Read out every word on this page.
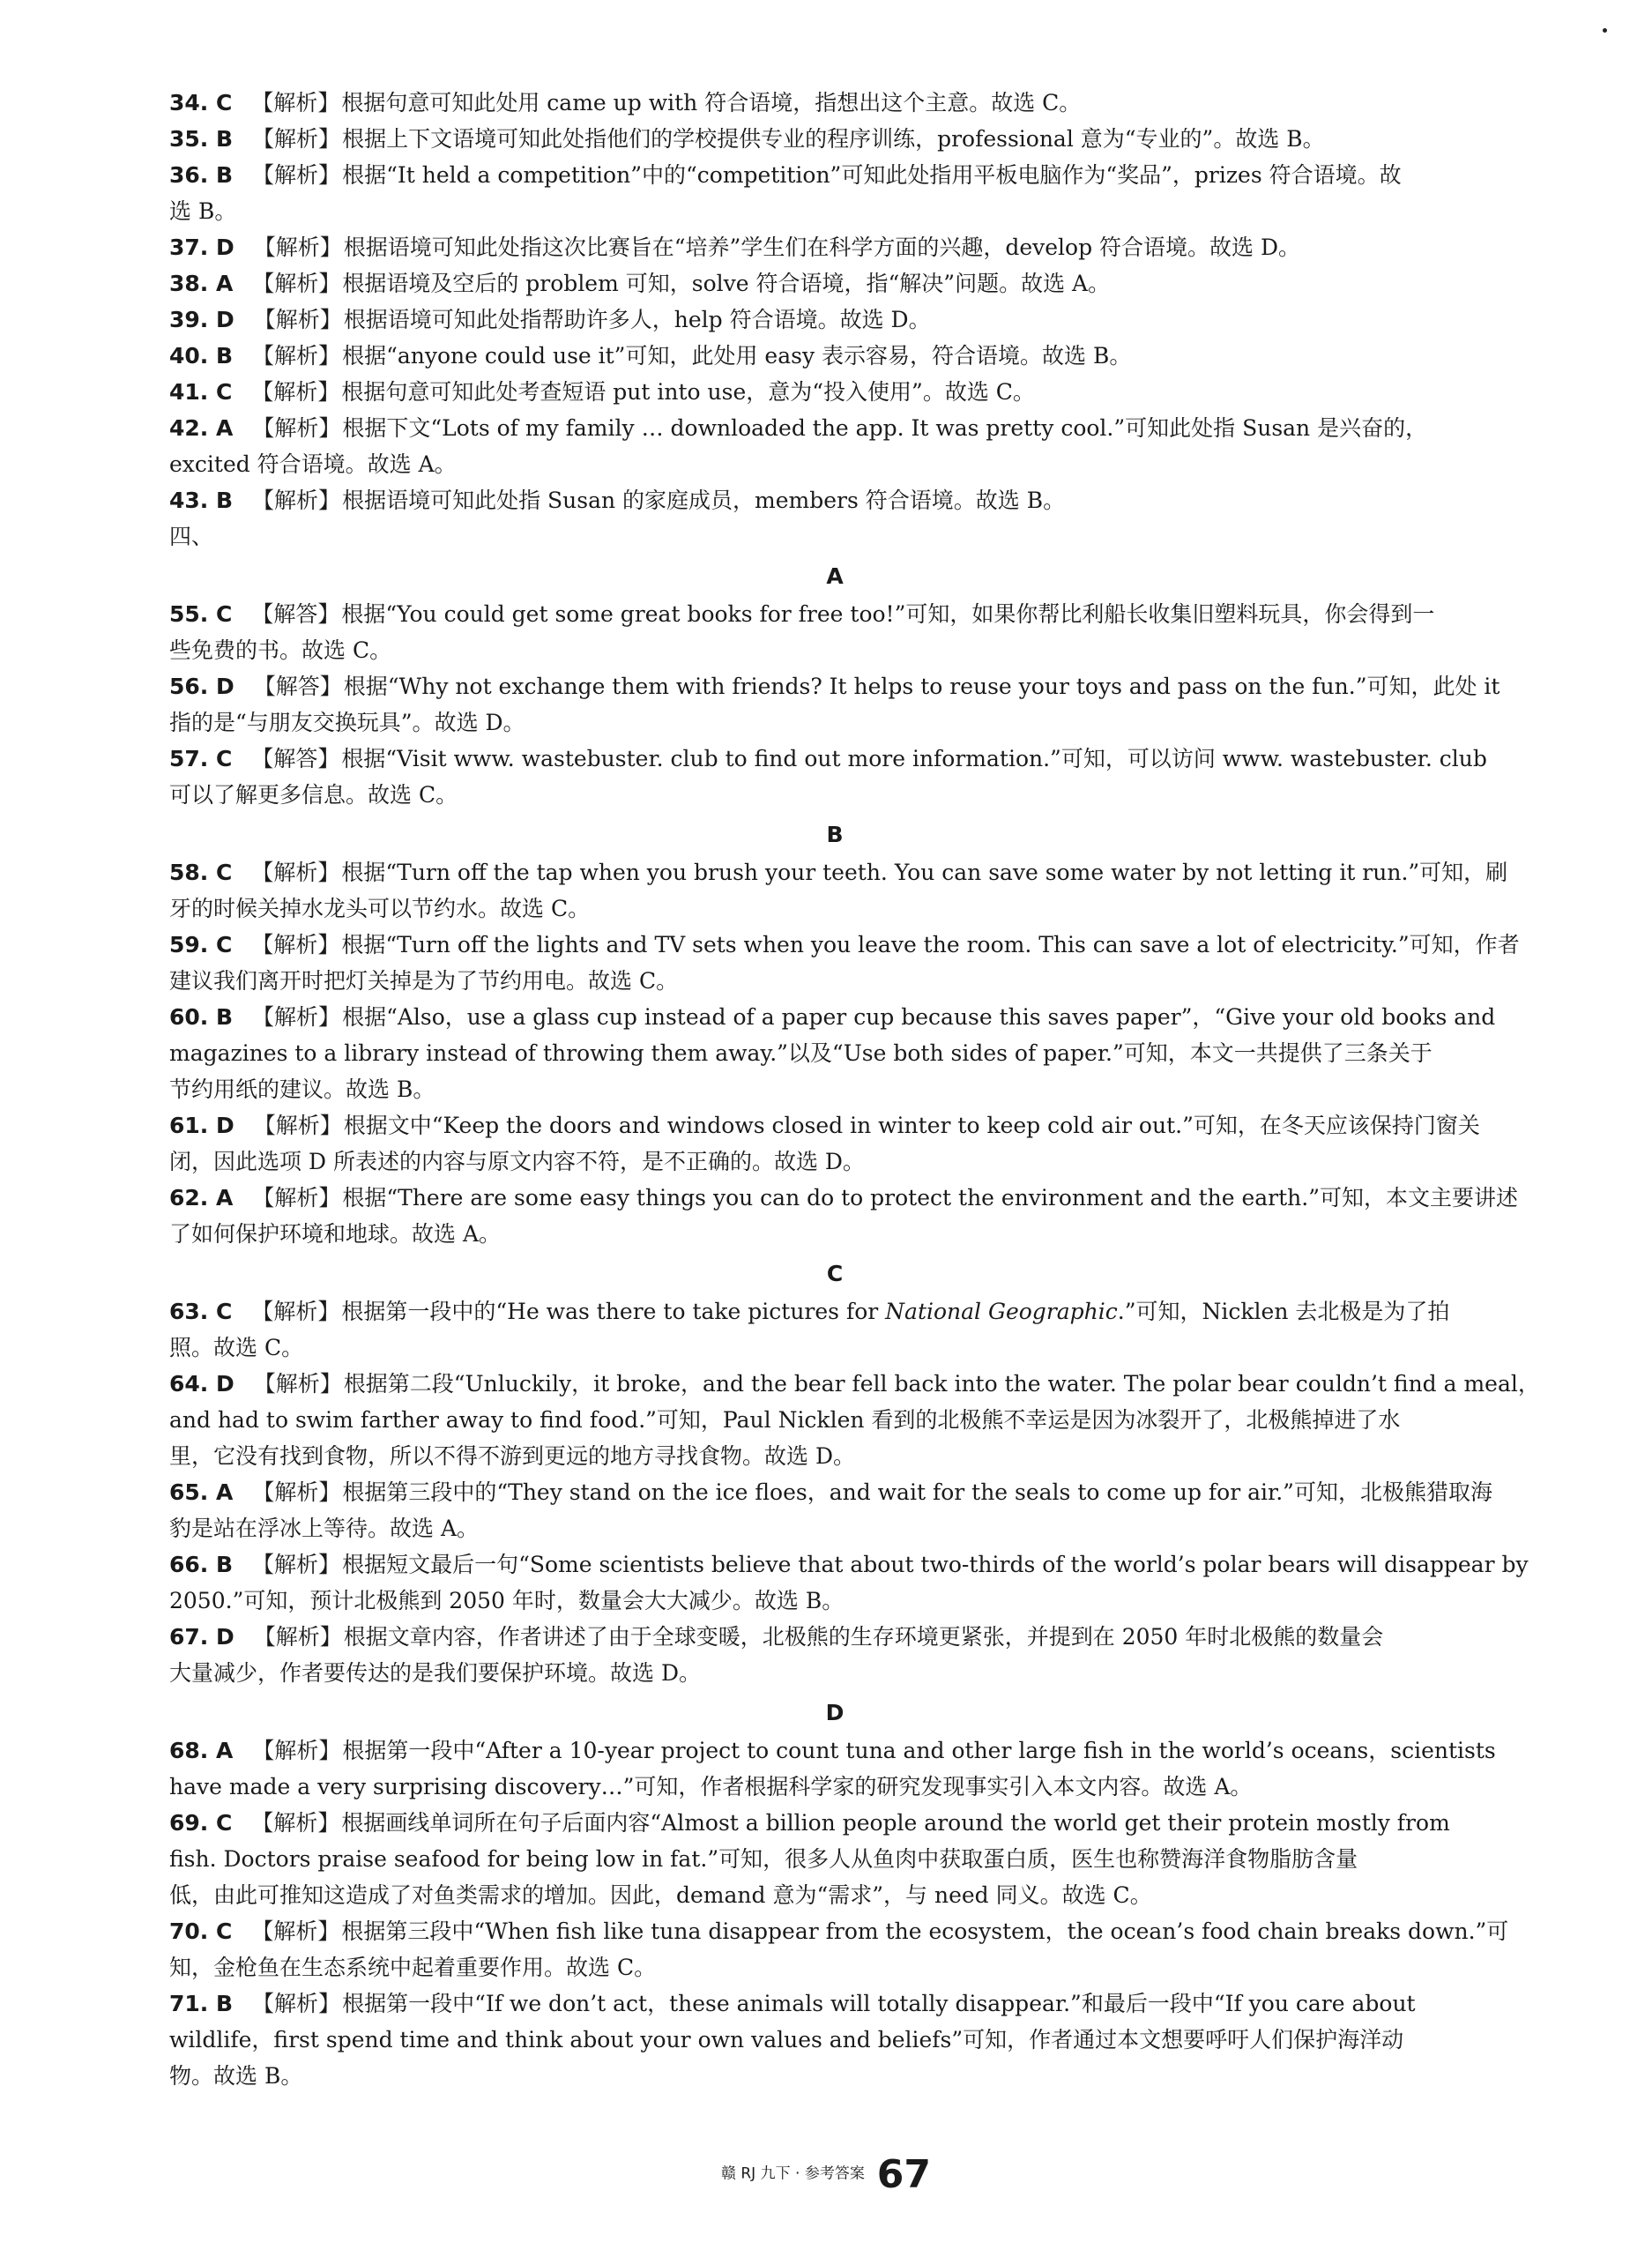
34. C 【解析】根据句意可知此处用 came up with 符合语境，指想出这个主意。故选 C。

35. B 【解析】根据上下文语境可知此处指他们的学校提供专业的程序训练，professional 意为“专业的”。故选 B。

36. B 【解析】根据“It held a competition”中的“competition”可知此处指用平板电脑作为“奖品”，prizes 符合语境。故

选 B。

37. D 【解析】根据语境可知此处指这次比赛旨在“培养”学生们在科学方面的兴趣，develop 符合语境。故选 D。

38. A 【解析】根据语境及空后的 problem 可知，solve 符合语境，指“解决”问题。故选 A。

39. D 【解析】根据语境可知此处指帮助许多人，help 符合语境。故选 D。

40. B 【解析】根据“anyone could use it”可知，此处用 easy 表示容易，符合语境。故选 B。

41. C 【解析】根据句意可知此处考查短语 put into use，意为“投入使用”。故选 C。

42. A 【解析】根据下文“Lots of my family … downloaded the app. It was pretty cool.”可知此处指 Susan 是兴奋的，

excited 符合语境。故选 A。

43. B 【解析】根据语境可知此处指 Susan 的家庭成员，members 符合语境。故选 B。

四、

A

55. C 【解答】根据“You could get some great books for free too!”可知，如果你帮比利船长收集旧塑料玩具，你会得到一

些免费的书。故选 C。

56. D 【解答】根据“Why not exchange them with friends? It helps to reuse your toys and pass on the fun.”可知，此处 it

指的是“与朋友交换玩具”。故选 D。

57. C 【解答】根据“Visit www. wastebuster. club to find out more information.”可知，可以访问 www. wastebuster. club

可以了解更多信息。故选 C。

B

58. C 【解析】根据“Turn off the tap when you brush your teeth. You can save some water by not letting it run.”可知，刷

牙的时候关掉水龙头可以节约水。故选 C。

59. C 【解析】根据“Turn off the lights and TV sets when you leave the room. This can save a lot of electricity.”可知，作者

建议我们离开时把灯关掉是为了节约用电。故选 C。

60. B 【解析】根据“Also，use a glass cup instead of a paper cup because this saves paper”，“Give your old books and

magazines to a library instead of throwing them away.”以及“Use both sides of paper.”可知，本文一共提供了三条关于

节约用纸的建议。故选 B。

61. D 【解析】根据文中“Keep the doors and windows closed in winter to keep cold air out.”可知，在冬天应该保持门窗关

闭，因此选项 D 所表述的内容与原文内容不符，是不正确的。故选 D。

62. A 【解析】根据“There are some easy things you can do to protect the environment and the earth.”可知，本文主要讲述

了如何保护环境和地球。故选 A。

C

63. C 【解析】根据第一段中的“He was there to take pictures for National Geographic.”可知，Nicklen 去北极是为了拍

照。故选 C。

64. D 【解析】根据第二段“Unluckily，it broke，and the bear fell back into the water. The polar bear couldn’t find a meal，

and had to swim farther away to find food.”可知，Paul Nicklen 看到的北极熊不幸运是因为冰裂开了，北极熊掉进了水

里，它没有找到食物，所以不得不游到更远的地方寻找食物。故选 D。

65. A 【解析】根据第三段中的“They stand on the ice floes，and wait for the seals to come up for air.”可知，北极熊猎取海

豹是站在浮冰上等待。故选 A。

66. B 【解析】根据短文最后一句“Some scientists believe that about two-thirds of the world’s polar bears will disappear by

2050.”可知，预计北极熊到 2050 年时，数量会大大减少。故选 B。

67. D 【解析】根据文章内容，作者讲述了由于全球变暖，北极熊的生存环境更紧张，并提到在 2050 年时北极熊的数量会

大量减少，作者要传达的是我们要保护环境。故选 D。

D

68. A 【解析】根据第一段中“After a 10-year project to count tuna and other large fish in the world’s oceans，scientists

have made a very surprising discovery…”可知，作者根据科学家的研究发现事实引入本文内容。故选 A。

69. C 【解析】根据画线单词所在句子后面内容“Almost a billion people around the world get their protein mostly from

fish. Doctors praise seafood for being low in fat.”可知，很多人从鱼肉中获取蛋白质，医生也称赞海洋食物脂肪含量

低，由此可推知这造成了对鱼类需求的增加。因此，demand 意为“需求”，与 need 同义。故选 C。

70. C 【解析】根据第三段中“When fish like tuna disappear from the ecosystem，the ocean’s food chain breaks down.”可

知，金枪鱼在生态系统中起着重要作用。故选 C。

71. B 【解析】根据第一段中“If we don’t act，these animals will totally disappear.”和最后一段中“If you care about

wildlife，first spend time and think about your own values and beliefs”可知，作者通过本文想要呼吁人们保护海洋动

物。故选 B。

赣 RJ 九下 · 参考答案 67
